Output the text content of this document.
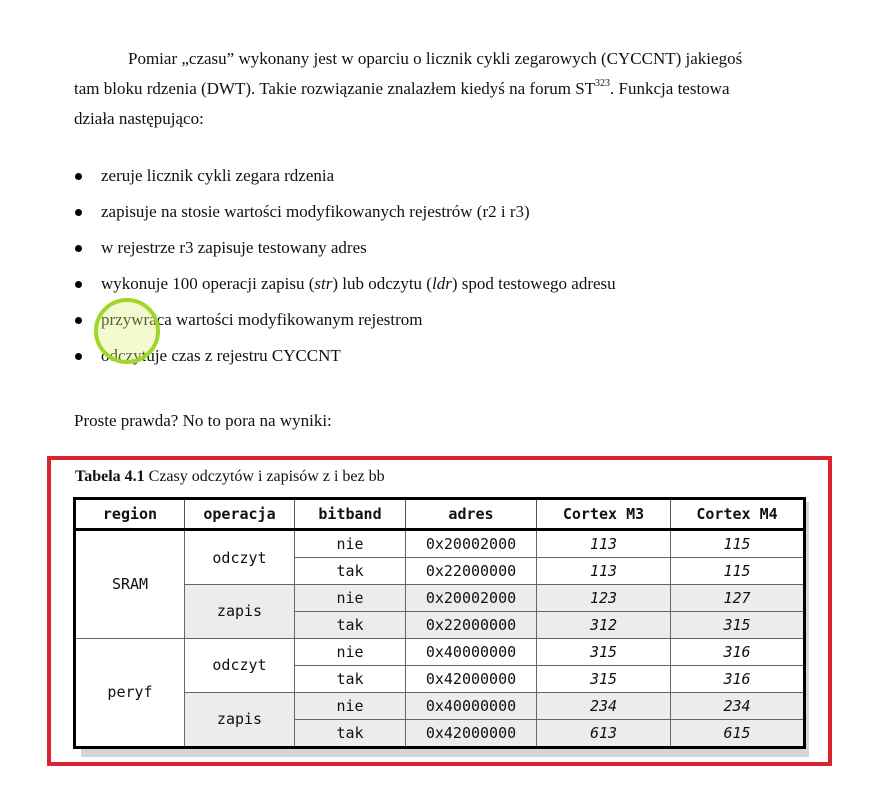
Pomiar „czasu” wykonany jest w oparciu o licznik cykli zegarowych (CYCCNT) jakiegoś
tam bloku rdzenia (DWT). Takie rozwiązanie znalazłem kiedyś na forum ST$^{323}$. Funkcja testowa
działa następująco:

zeruje licznik cykli zegara rdzenia
zapisuje na stosie wartości modyfikowanych rejestrów (r2 i r3)
w rejestrze r3 zapisuje testowany adres
wykonuje 100 operacji zapisu (str) lub odczytu (ldr) spod testowego adresu
przywraca wartości modyfikowanym rejestrom
odczytuje czas z rejestru CYCCNT

Proste prawda? No to pora na wyniki:

Tabela 4.1 Czasy odczytów i zapisów z i bez bb

region	operacja	bitband	adres	Cortex M3	Cortex M4
SRAM	odczyt	nie	0x20002000	113	115
		tak	0x22000000	113	115
	zapis	nie	0x20002000	123	127
		tak	0x22000000	312	315
peryf	odczyt	nie	0x40000000	315	316
		tak	0x42000000	315	316
	zapis	nie	0x40000000	234	234
		tak	0x42000000	613	615
